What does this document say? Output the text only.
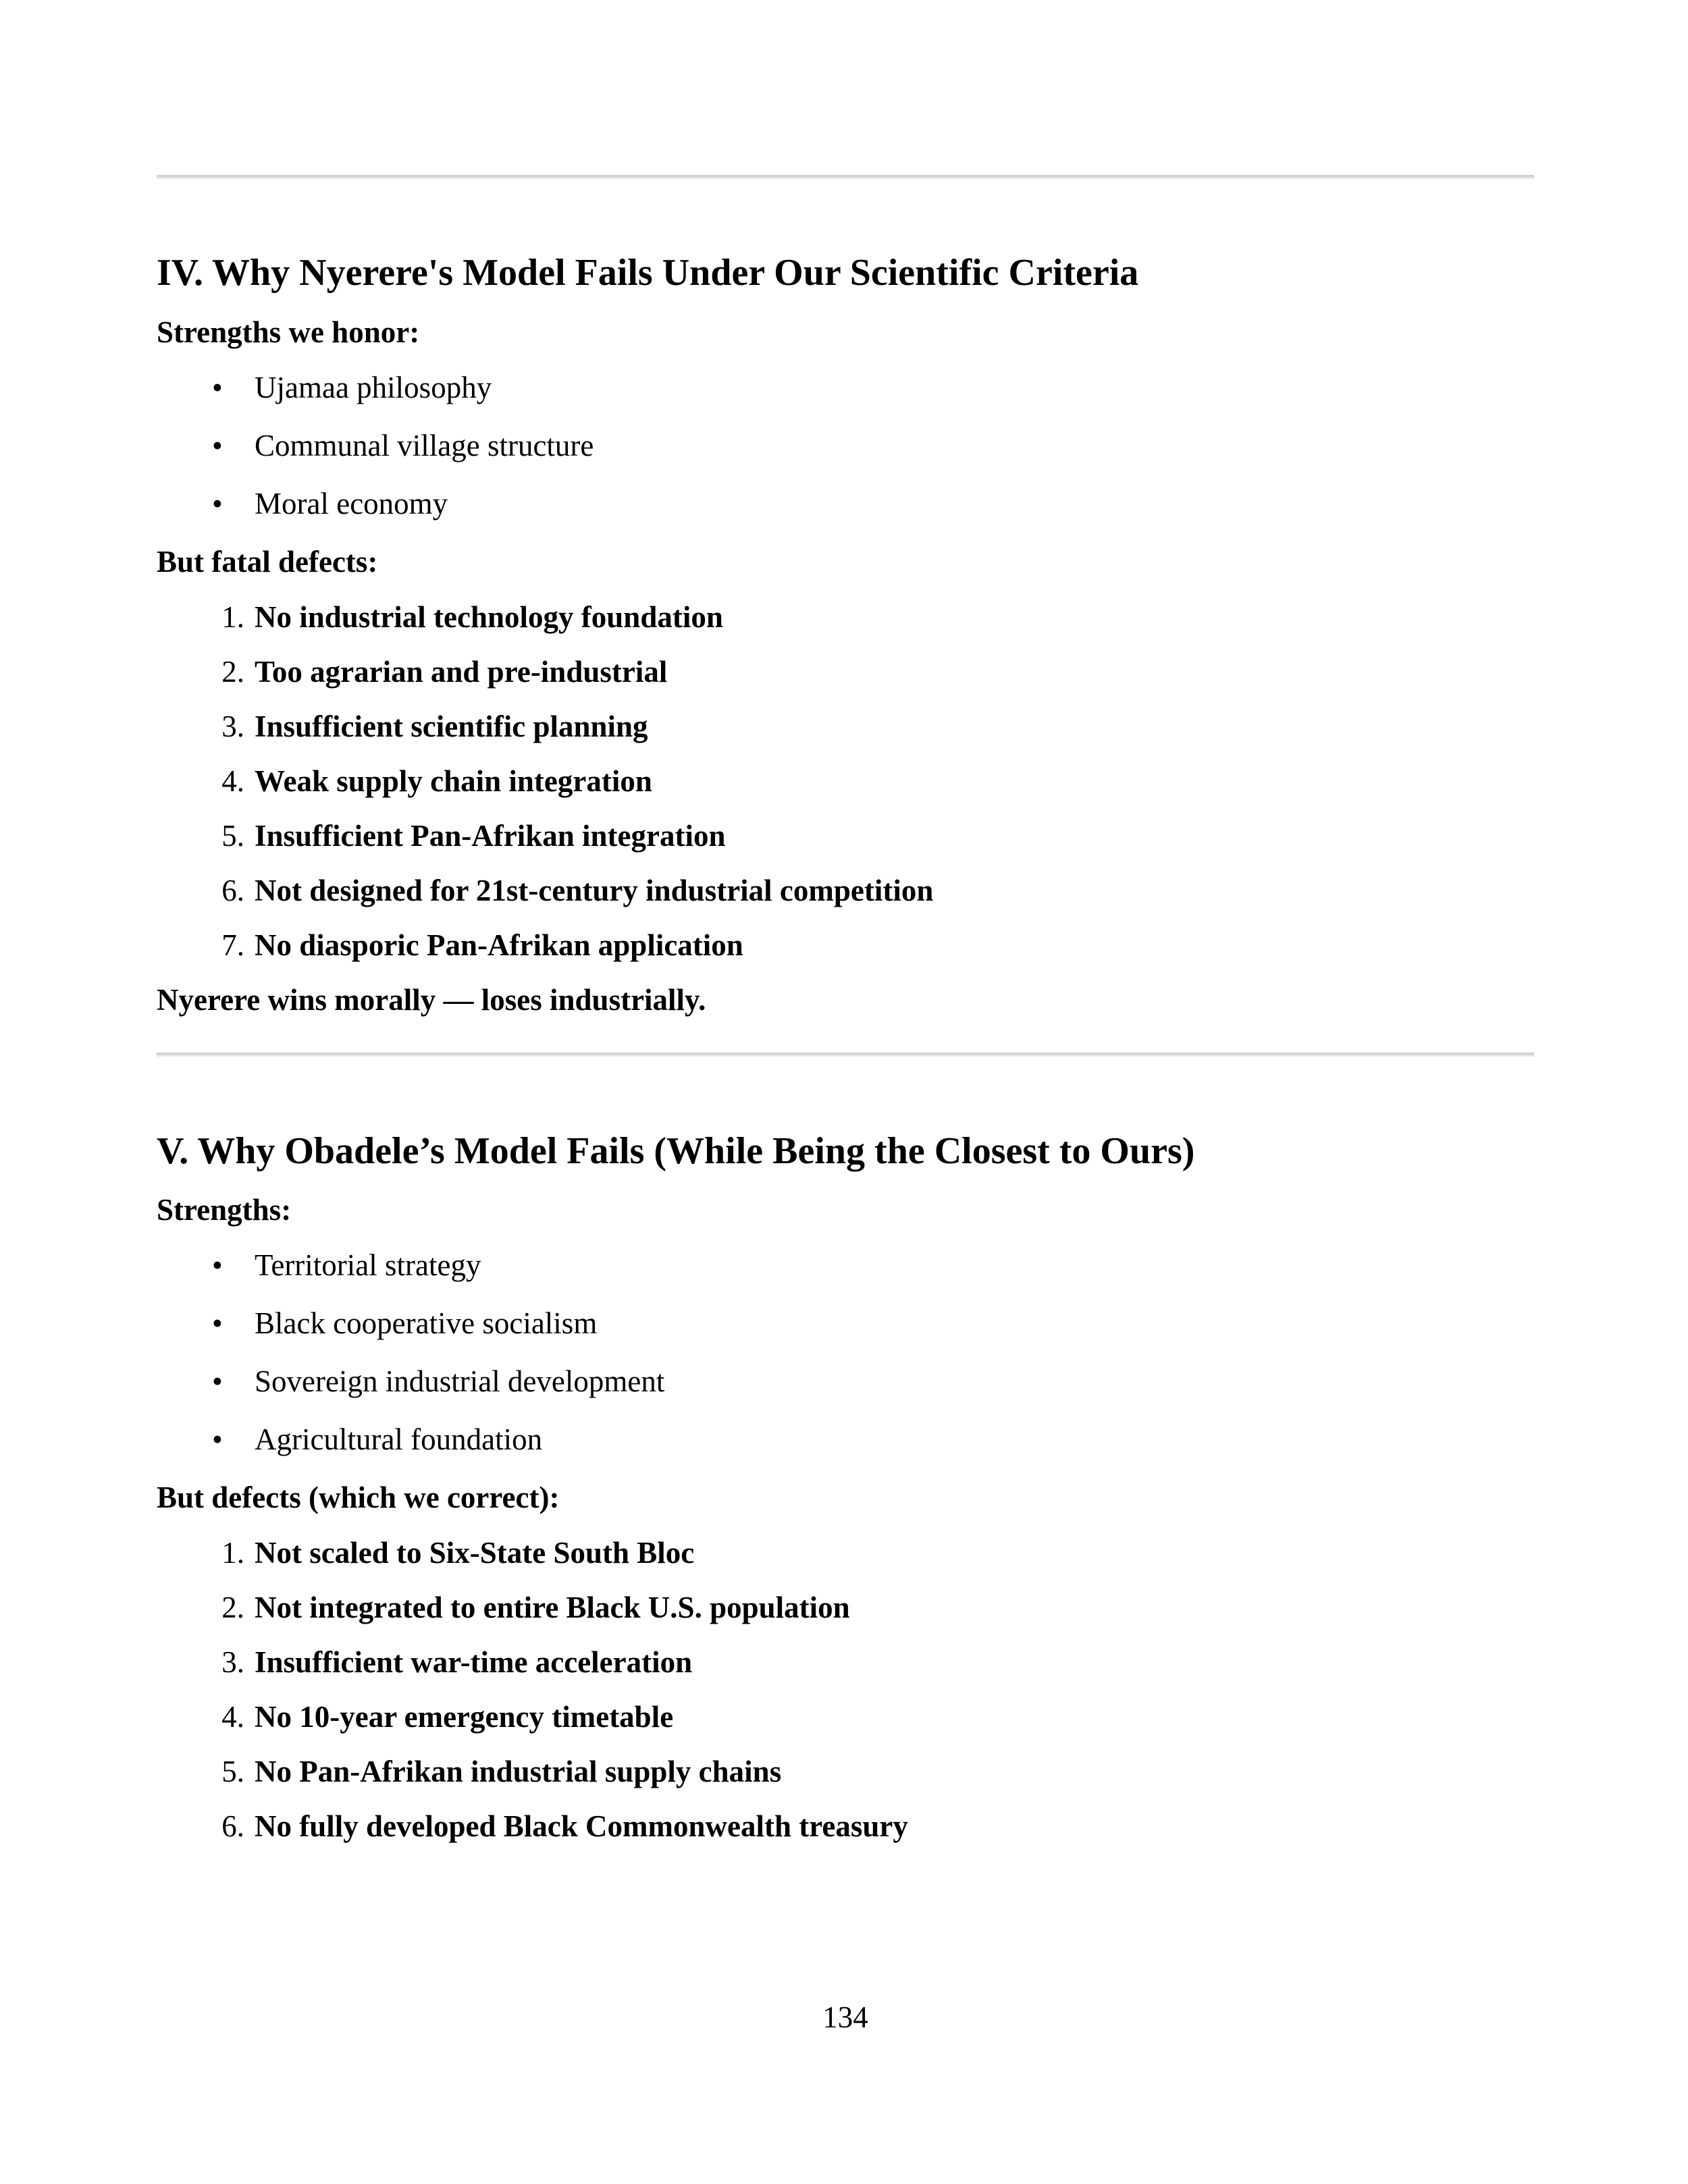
IV. Why Nyerere's Model Fails Under Our Scientific Criteria
Strengths we honor:
•	Ujamaa philosophy
•	Communal village structure
•	Moral economy
But fatal defects:
1. No industrial technology foundation
2. Too agrarian and pre-industrial
3. Insufficient scientific planning
4. Weak supply chain integration
5. Insufficient Pan-Afrikan integration
6. Not designed for 21st-century industrial competition
7. No diasporic Pan-Afrikan application
Nyerere wins morally — loses industrially.
V. Why Obadele’s Model Fails (While Being the Closest to Ours)
Strengths:
•	Territorial strategy
•	Black cooperative socialism
•	Sovereign industrial development
•	Agricultural foundation
But defects (which we correct):
1. Not scaled to Six-State South Bloc
2. Not integrated to entire Black U.S. population
3. Insufficient war-time acceleration
4. No 10-year emergency timetable
5. No Pan-Afrikan industrial supply chains
6. No fully developed Black Commonwealth treasury
134
